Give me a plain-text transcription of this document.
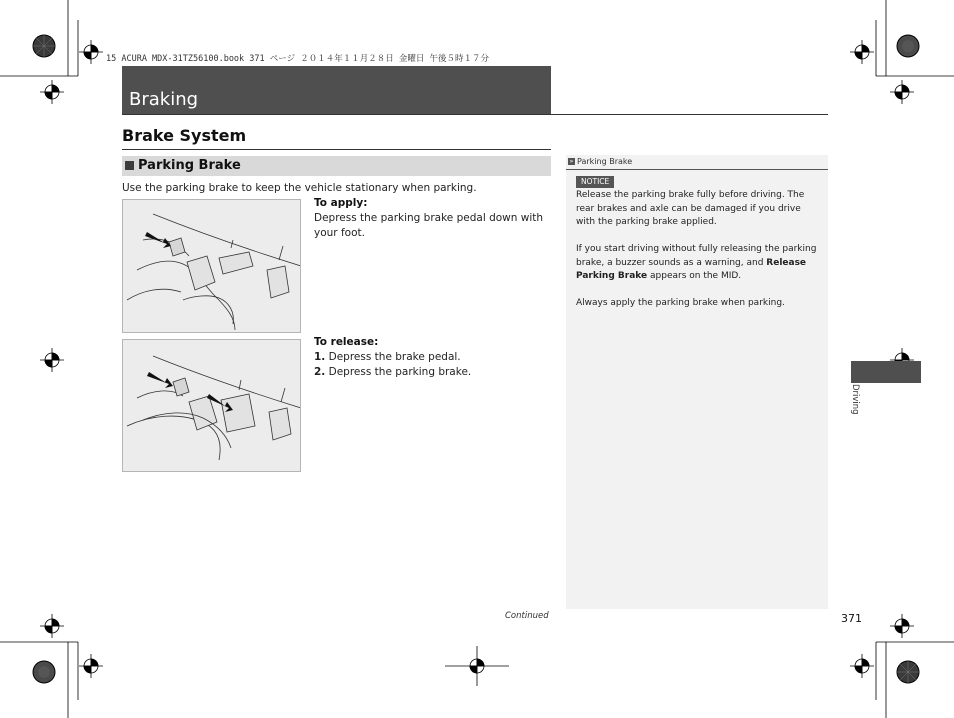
15 ACURA MDX-31TZ56100.book 371 ページ ２０１４年１１月２８日 金曜日 午後５時１７分
Braking
Brake System
Parking Brake
Use the parking brake to keep the vehicle stationary when parking.
To apply:
Depress the parking brake pedal down with your foot.
To release:
1. Depress the brake pedal.
2. Depress the parking brake.
» Parking Brake
NOTICE
Release the parking brake fully before driving. The rear brakes and axle can be damaged if you drive with the parking brake applied.
If you start driving without fully releasing the parking brake, a buzzer sounds as a warning, and Release Parking Brake appears on the MID.
Always apply the parking brake when parking.
Continued	371
Driving
